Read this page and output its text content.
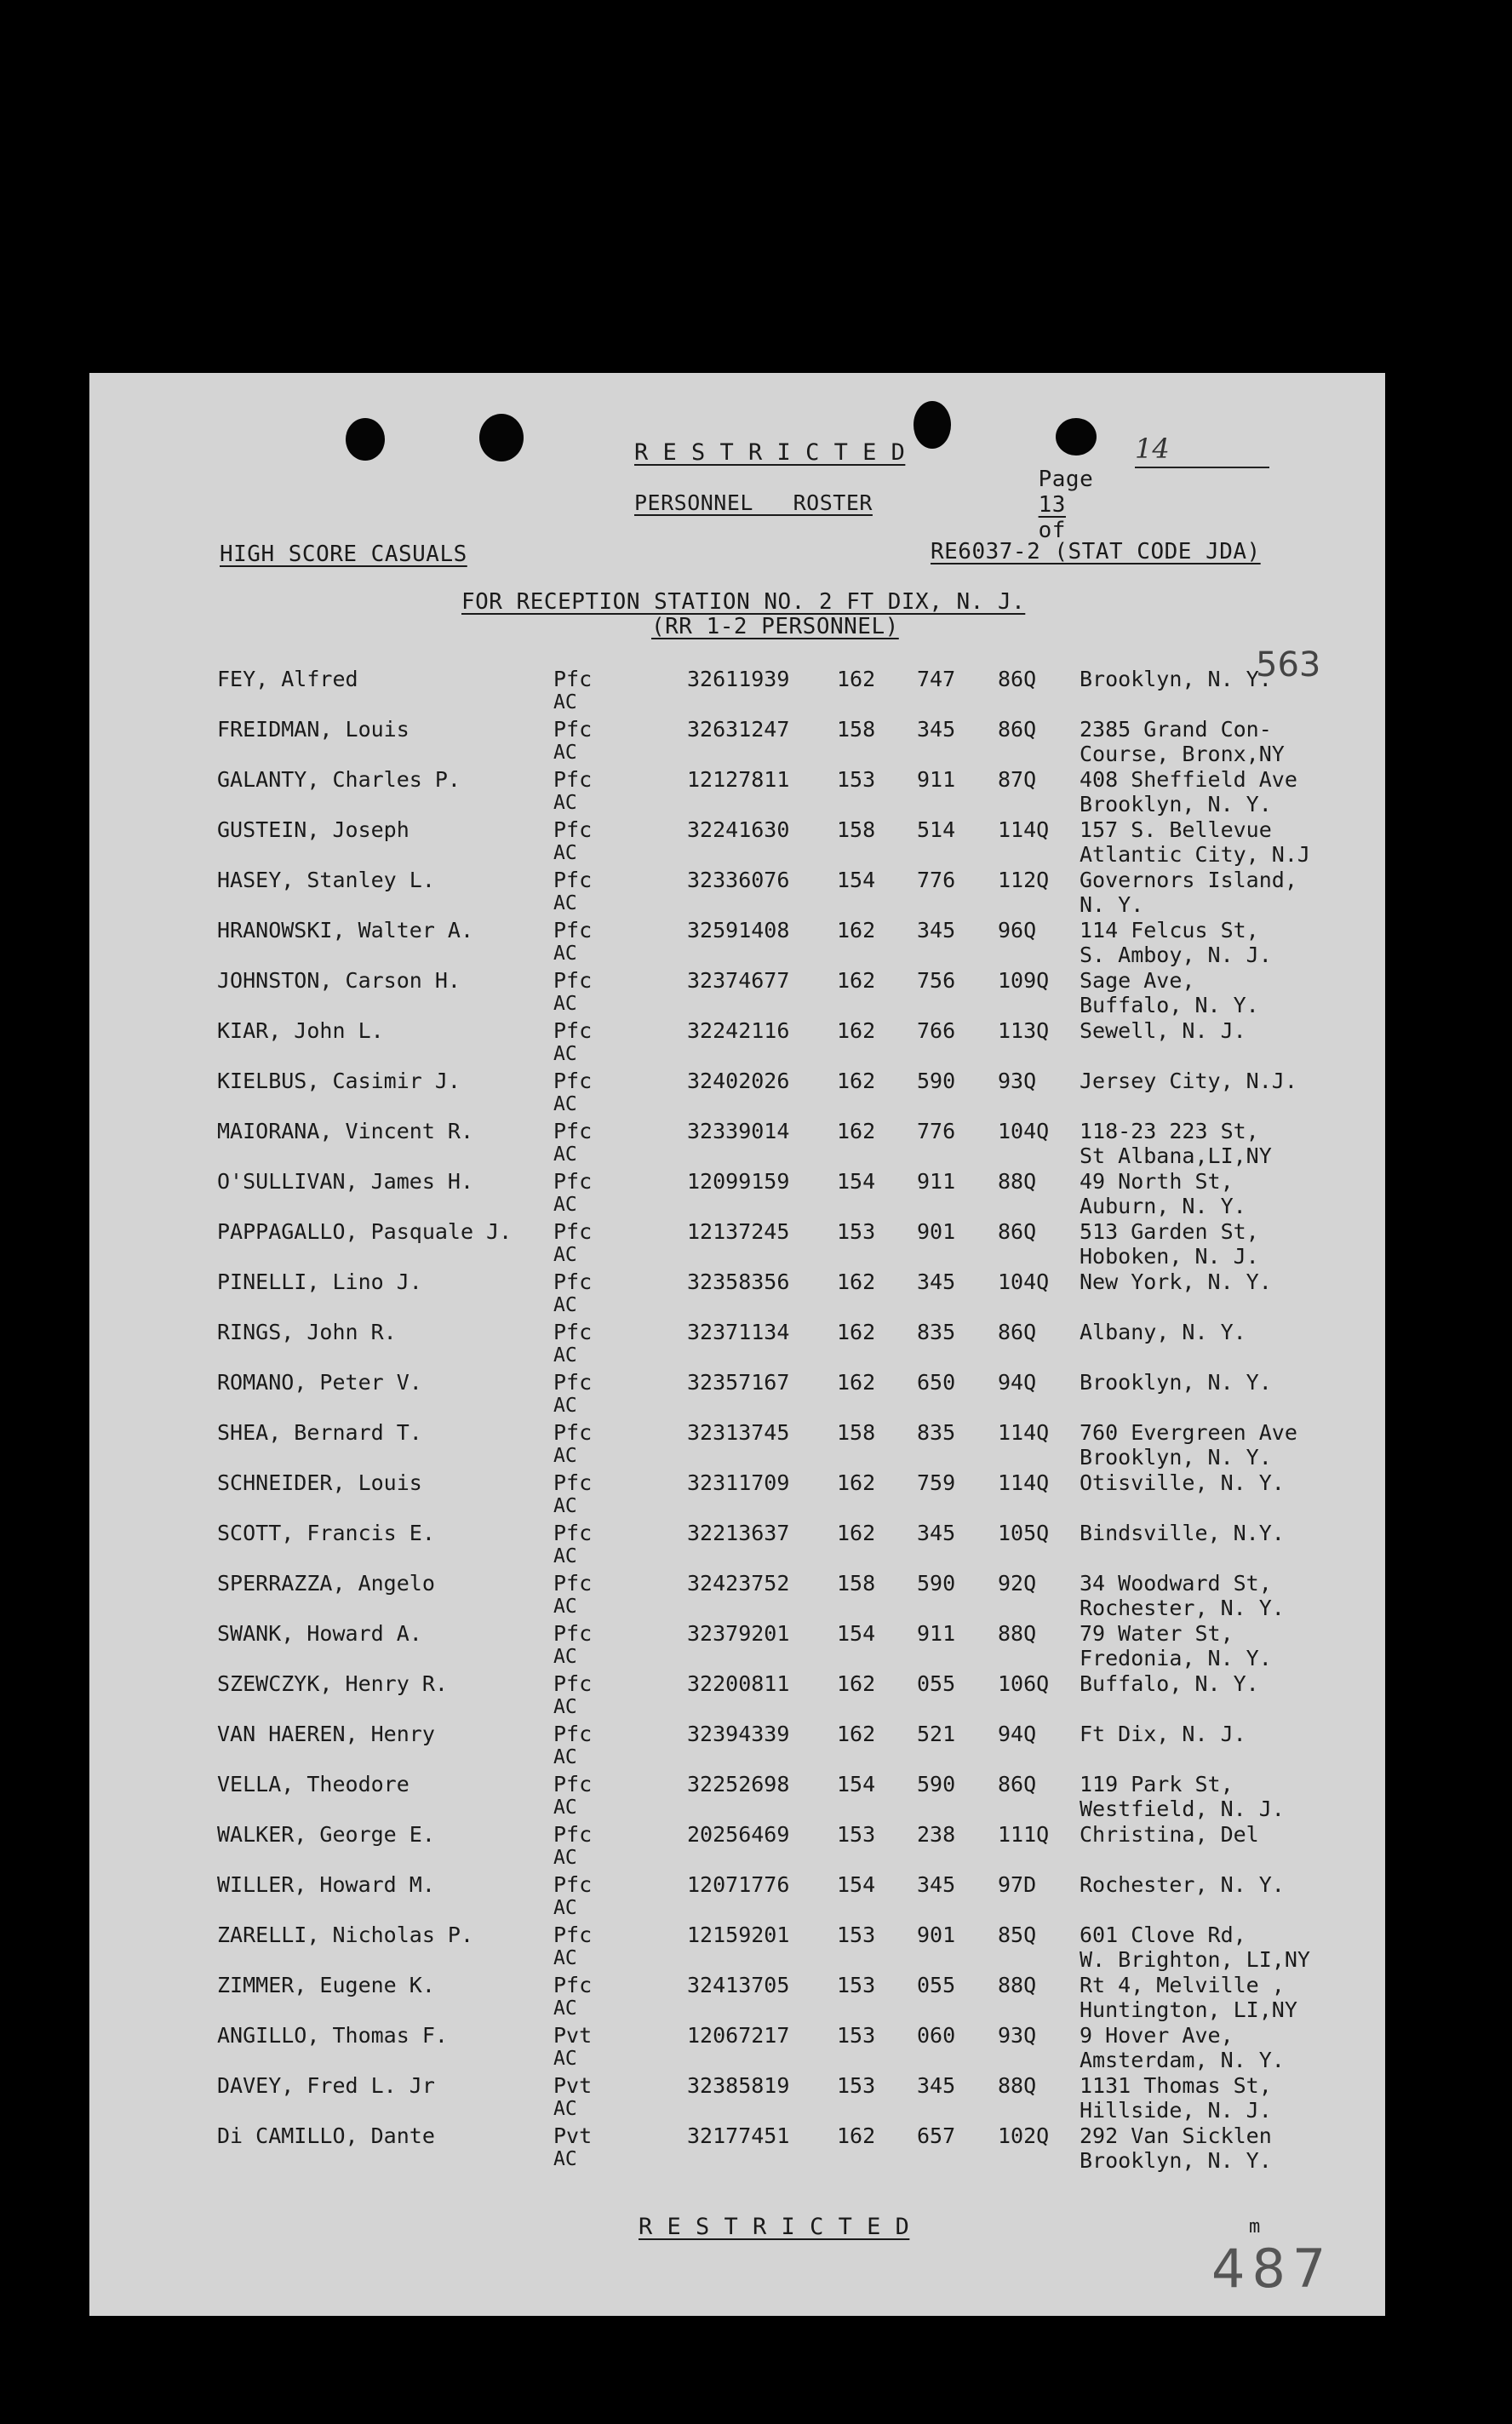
R E S T R I C T E D

Page
13
of

14
PERSONNEL   ROSTER
HIGH SCORE CASUALS	RE6037-2 (STAT CODE JDA)
FOR RECEPTION STATION NO. 2 FT DIX, N. J.
(RR 1-2 PERSONNEL)
563
FEY, Alfred	Pfc
AC
32611939 162 747 86Q Brooklyn, N. Y.
FREIDMAN, Louis	Pfc
AC
32631247 158 345 86Q 2385 Grand Con-
Course, Bronx,NY
GALANTY, Charles P.	Pfc
AC
12127811 153 911 87Q 408 Sheffield Ave
Brooklyn, N. Y.
GUSTEIN, Joseph	Pfc
AC
32241630 158 514 114Q 157 S. Bellevue
Atlantic City, N.J
HASEY, Stanley L.	Pfc
AC
32336076 154 776 112Q Governors Island,
N. Y.
HRANOWSKI, Walter A.	Pfc
AC
32591408 162 345 96Q 114 Felcus St,
S. Amboy, N. J.
JOHNSTON, Carson H.	Pfc
AC
32374677 162 756 109Q Sage Ave,
Buffalo, N. Y.
KIAR, John L.	Pfc
AC
32242116 162 766 113Q Sewell, N. J.
KIELBUS, Casimir J.	Pfc
AC
32402026 162 590 93Q Jersey City, N.J.
MAIORANA, Vincent R.	Pfc
AC
32339014 162 776 104Q 118-23 223 St,
St Albana,LI,NY
O'SULLIVAN, James H.	Pfc
AC
12099159 154 911 88Q 49 North St,
Auburn, N. Y.
PAPPAGALLO, Pasquale J. Pfc
AC
12137245 153 901 86Q 513 Garden St,
Hoboken, N. J.
PINELLI, Lino J.	Pfc
AC
32358356 162 345 104Q New York, N. Y.
RINGS, John R.	Pfc
AC
32371134 162 835 86Q Albany, N. Y.
ROMANO, Peter V.	Pfc
AC
32357167 162 650 94Q Brooklyn, N. Y.
SHEA, Bernard T.	Pfc
AC
32313745 158 835 114Q 760 Evergreen Ave
Brooklyn, N. Y.
SCHNEIDER, Louis	Pfc
AC
32311709 162 759 114Q Otisville, N. Y.
SCOTT, Francis E.	Pfc
AC
32213637 162 345 105Q Bindsville, N.Y.
SPERRAZZA, Angelo	Pfc
AC
32423752 158 590 92Q 34 Woodward St,
Rochester, N. Y.
SWANK, Howard A.	Pfc
AC
32379201 154 911 88Q 79 Water St,
Fredonia, N. Y.
SZEWCZYK, Henry R.	Pfc
AC
32200811 162 055 106Q Buffalo, N. Y.
VAN HAEREN, Henry	Pfc
AC
32394339 162 521 94Q Ft Dix, N. J.
VELLA, Theodore	Pfc
AC
32252698 154 590 86Q 119 Park St,
Westfield, N. J.
WALKER, George E.	Pfc
AC
20256469 153 238 111Q Christina, Del
WILLER, Howard M.	Pfc
AC
12071776 154 345 97D Rochester, N. Y.
ZARELLI, Nicholas P.	Pfc
AC
12159201 153 901 85Q 601 Clove Rd,
W. Brighton, LI,NY
ZIMMER, Eugene K.	Pfc
AC
32413705 153 055 88Q Rt 4, Melville ,
Huntington, LI,NY
ANGILLO, Thomas F.	Pvt
AC
12067217 153 060 93Q 9 Hover Ave,
Amsterdam, N. Y.
DAVEY, Fred L. Jr	Pvt
AC
32385819 153 345 88Q 1131 Thomas St,
Hillside, N. J.
Di CAMILLO, Dante	Pvt
AC
32177451 162 657 102Q 292 Van Sicklen
Brooklyn, N. Y.
R E S T R I C T E D	m
487
